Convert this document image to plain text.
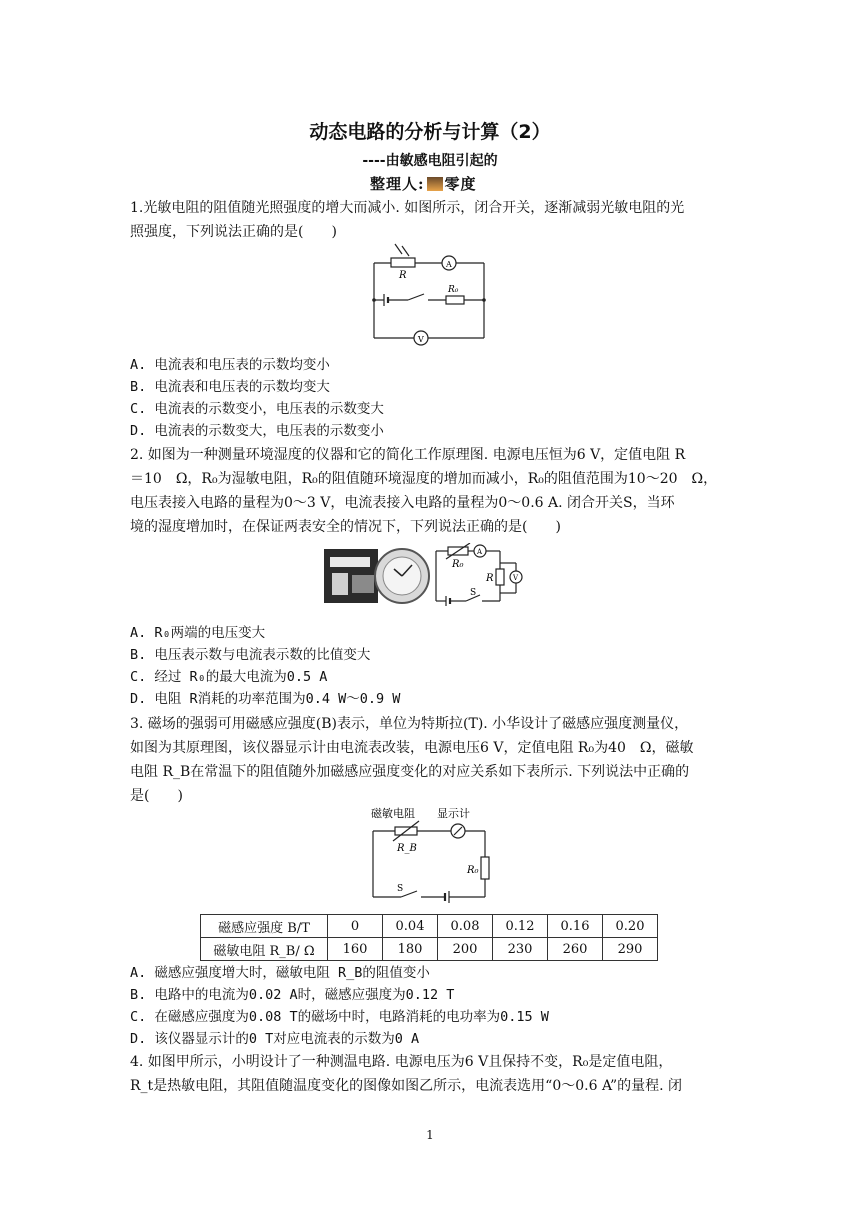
动态电路的分析与计算（2）
----由敏感电阻引起的
整理人: 零度
1.光敏电阻的阻值随光照强度的增大而减小. 如图所示，闭合开关，逐渐减弱光敏电阻的光
照强度，下列说法正确的是(　　)
R
A
R₀
V
A. 电流表和电压表的示数均变小
B. 电流表和电压表的示数均变大
C. 电流表的示数变小，电压表的示数变大
D. 电流表的示数变大，电压表的示数变小
2. 如图为一种测量环境湿度的仪器和它的简化工作原理图. 电源电压恒为6 V，定值电阻 R
＝10　Ω，R₀为湿敏电阻，R₀的阻值随环境湿度的增加而减小，R₀的阻值范围为10～20　Ω，
电压表接入电路的量程为0～3 V，电流表接入电路的量程为0～0.6 A. 闭合开关S，当环
境的湿度增加时，在保证两表安全的情况下，下列说法正确的是(　　)
R₀
A
R	V
S
A. R₀两端的电压变大
B. 电压表示数与电流表示数的比值变大
C. 经过 R₀的最大电流为0.5 A
D. 电阻 R消耗的功率范围为0.4 W～0.9 W
3. 磁场的强弱可用磁感应强度(B)表示，单位为特斯拉(T). 小华设计了磁感应强度测量仪，
如图为其原理图，该仪器显示计由电流表改装，电源电压6 V，定值电阻 R₀为40　Ω，磁敏
电阻 R_B在常温下的阻值随外加磁感应强度变化的对应关系如下表所示. 下列说法中正确的
是(　　)
磁敏电阻 显示计
R_B
R₀
S
磁感应强度 B/T	0	0.04	0.08	0.12	0.16	0.20
磁敏电阻 R_B/ Ω	160	180	200	230	260	290
A. 磁感应强度增大时，磁敏电阻 R_B的阻值变小
B. 电路中的电流为0.02 A时，磁感应强度为0.12 T
C. 在磁感应强度为0.08 T的磁场中时，电路消耗的电功率为0.15 W
D. 该仪器显示计的0 T对应电流表的示数为0 A
4. 如图甲所示，小明设计了一种测温电路. 电源电压为6 V且保持不变，R₀是定值电阻，
R_t是热敏电阻，其阻值随温度变化的图像如图乙所示，电流表选用“0～0.6 A”的量程. 闭
1
